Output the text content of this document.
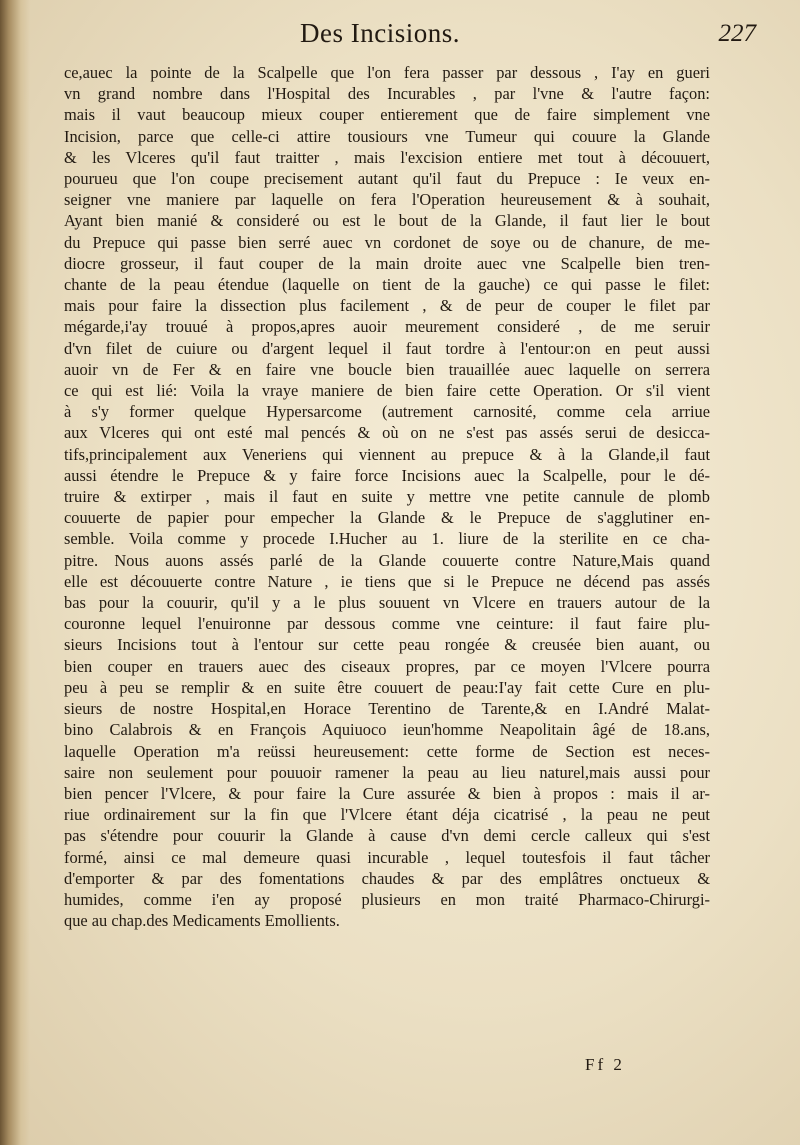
Des Incisions.	227
ce,auec la pointe de la Scalpelle que l'on fera passer par dessous , I'ay en gueri
vn grand nombre dans l'Hospital des Incurables , par l'vne & l'autre façon:
mais il vaut beaucoup mieux couper entierement que de faire simplement vne
Incision, parce que celle-ci attire tousiours vne Tumeur qui couure la Glande
& les Vlceres qu'il faut traitter , mais l'excision entiere met tout à découuert,
pourueu que l'on coupe precisement autant qu'il faut du Prepuce : Ie veux en-
seigner vne maniere par laquelle on fera l'Operation heureusement & à souhait,
Ayant bien manié & consideré ou est le bout de la Glande, il faut lier le bout
du Prepuce qui passe bien serré auec vn cordonet de soye ou de chanure, de me-
diocre grosseur, il faut couper de la main droite auec vne Scalpelle bien tren-
chante de la peau étendue (laquelle on tient de la gauche) ce qui passe le filet:
mais pour faire la dissection plus facilement , & de peur de couper le filet par
mégarde,i'ay trouué à propos,apres auoir meurement consideré , de me seruir
d'vn filet de cuiure ou d'argent lequel il faut tordre à l'entour:on en peut aussi
auoir vn de Fer & en faire vne boucle bien trauaillée auec laquelle on serrera
ce qui est lié: Voila la vraye maniere de bien faire cette Operation. Or s'il vient
à s'y former quelque Hypersarcome (autrement carnosité, comme cela arriue
aux Vlceres qui ont esté mal pencés & où on ne s'est pas assés serui de desicca-
tifs,principalement aux Veneriens qui viennent au prepuce & à la Glande,il faut
aussi étendre le Prepuce & y faire force Incisions auec la Scalpelle, pour le dé-
truire & extirper , mais il faut en suite y mettre vne petite cannule de plomb
couuerte de papier pour empecher la Glande & le Prepuce de s'agglutiner en-
semble. Voila comme y procede I.Hucher au 1. liure de la sterilite en ce cha-
pitre. Nous auons assés parlé de la Glande couuerte contre Nature,Mais quand
elle est découuerte contre Nature , ie tiens que si le Prepuce ne décend pas assés
bas pour la couurir, qu'il y a le plus souuent vn Vlcere en trauers autour de la
couronne lequel l'enuironne par dessous comme vne ceinture: il faut faire plu-
sieurs Incisions tout à l'entour sur cette peau rongée & creusée bien auant, ou
bien couper en trauers auec des ciseaux propres, par ce moyen l'Vlcere pourra
peu à peu se remplir & en suite être couuert de peau:I'ay fait cette Cure en plu-
sieurs de nostre Hospital,en Horace Terentino de Tarente,& en I.André Malat-
bino Calabrois & en François Aquiuoco ieun'homme Neapolitain âgé de 18.ans,
laquelle Operation m'a reüssi heureusement: cette forme de Section est neces-
saire non seulement pour pouuoir ramener la peau au lieu naturel,mais aussi pour
bien pencer l'Vlcere, & pour faire la Cure assurée & bien à propos : mais il ar-
riue ordinairement sur la fin que l'Vlcere étant déja cicatrisé , la peau ne peut
pas s'étendre pour couurir la Glande à cause d'vn demi cercle calleux qui s'est
formé, ainsi ce mal demeure quasi incurable , lequel toutesfois il faut tâcher
d'emporter & par des fomentations chaudes & par des emplâtres onctueux &
humides, comme i'en ay proposé plusieurs en mon traité Pharmaco-Chirurgi-
que au chap.des Medicaments Emollients.
Ff 2
